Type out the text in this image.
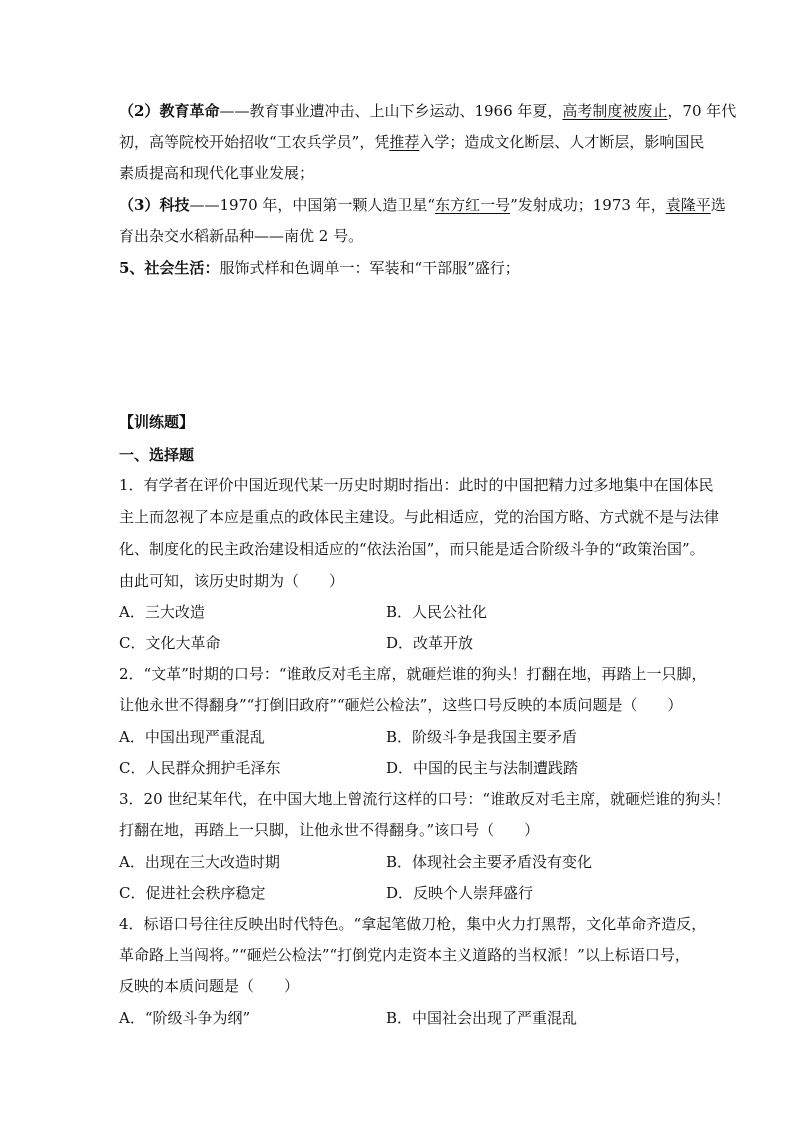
（2）教育革命——教育事业遭冲击、上山下乡运动、1966 年夏，高考制度被废止，70 年代
初，高等院校开始招收“工农兵学员”，凭推荐入学；造成文化断层、人才断层，影响国民
素质提高和现代化事业发展；
（3）科技——1970 年，中国第一颗人造卫星“东方红一号”发射成功；1973 年，袁隆平选
育出杂交水稻新品种——南优 2 号。
5、社会生活：服饰式样和色调单一：军装和“干部服”盛行；
【训练题】
一、选择题
1．有学者在评价中国近现代某一历史时期时指出：此时的中国把精力过多地集中在国体民
主上而忽视了本应是重点的政体民主建设。与此相适应，党的治国方略、方式就不是与法律
化、制度化的民主政治建设相适应的“依法治国”，而只能是适合阶级斗争的“政策治国”。
由此可知，该历史时期为（　　）
A．三大改造	B．人民公社化
C．文化大革命	D．改革开放
2．“文革”时期的口号：“谁敢反对毛主席，就砸烂谁的狗头！打翻在地，再踏上一只脚，
让他永世不得翻身”“打倒旧政府”“砸烂公检法”，这些口号反映的本质问题是（　　）
A．中国出现严重混乱	B．阶级斗争是我国主要矛盾
C．人民群众拥护毛泽东	D．中国的民主与法制遭践踏
3．20 世纪某年代，在中国大地上曾流行这样的口号：“谁敢反对毛主席，就砸烂谁的狗头！
打翻在地，再踏上一只脚，让他永世不得翻身。”该口号（　　）
A．出现在三大改造时期	B．体现社会主要矛盾没有变化
C．促进社会秩序稳定	D．反映个人崇拜盛行
4．标语口号往往反映出时代特色。“拿起笔做刀枪，集中火力打黑帮，文化革命齐造反，
革命路上当闯将。”“砸烂公检法”“打倒党内走资本主义道路的当权派！”以上标语口号，
反映的本质问题是（　　）
A．“阶级斗争为纲”	B．中国社会出现了严重混乱
